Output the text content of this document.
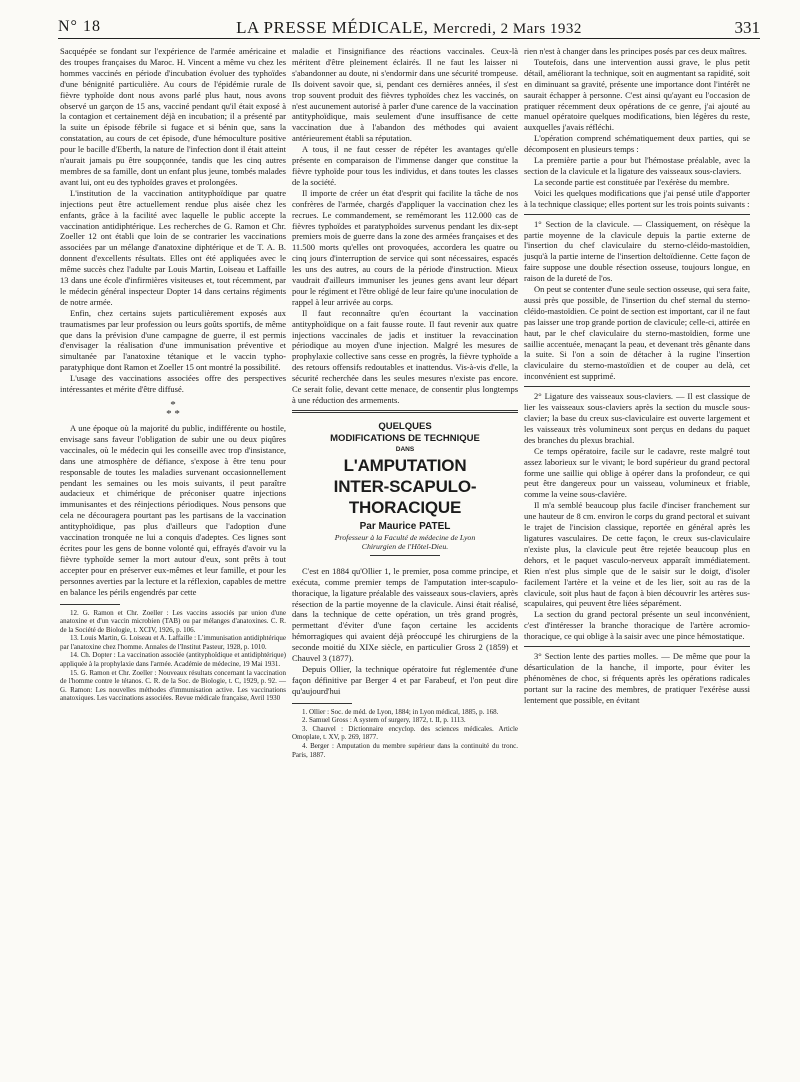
N° 18	LA PRESSE MÉDICALE, Mercredi, 2 Mars 1932	331

Sacquépée se fondant sur l'expérience de l'armée américaine et des troupes françaises du Maroc. H. Vincent a même vu chez les hommes vaccinés en période d'incubation évoluer des typhoïdes d'une bénignité particulière. Au cours de l'épidémie rurale de fièvre typhoïde dont nous avons parlé plus haut, nous avons observé un garçon de 15 ans, vacciné pendant qu'il était exposé à la contagion et certainement déjà en incubation; il a présenté par la suite un épisode fébrile si fugace et si bénin que, sans la constatation, au cours de cet épisode, d'une hémoculture positive pour le bacille d'Eberth, la nature de l'infection dont il était atteint n'aurait jamais pu être soupçonnée, tandis que les cinq autres membres de sa famille, dont un enfant plus jeune, tombés malades avant lui, ont eu des typhoïdes graves et prolongées.

L'institution de la vaccination antityphoïdique par quatre injections peut être actuellement rendue plus aisée chez les enfants, grâce à la facilité avec laquelle le public accepte la vaccination antidiphtérique. Les recherches de G. Ramon et Chr. Zoeller 12 ont établi que loin de se contrarier les vaccinations associées par un mélange d'anatoxine diphtérique et de T. A. B. donnent d'excellents résultats. Elles ont été appliquées avec le même succès chez l'adulte par Louis Martin, Loiseau et Laffaille 13 dans une école d'infirmières visiteuses et, tout récemment, par le médecin général inspecteur Dopter 14 dans certains régiments de notre armée.

Enfin, chez certains sujets particulièrement exposés aux traumatismes par leur profession ou leurs goûts sportifs, de même que dans la prévision d'une campagne de guerre, il est permis d'envisager la réalisation d'une immunisation préventive et simultanée par l'anatoxine tétanique et le vaccin typho-paratyphique dont Ramon et Zoeller 15 ont montré la possibilité.

L'usage des vaccinations associées offre des perspectives intéressantes et mérite d'être diffusé.

*
* *

A une époque où la majorité du public, indifférente ou hostile, envisage sans faveur l'obligation de subir une ou deux piqûres vaccinales, où le médecin qui les conseille avec trop d'insistance, dans une atmosphère de défiance, s'expose à être tenu pour responsable de toutes les maladies survenant occasionnellement pendant les semaines ou les mois suivants, il peut paraître audacieux et chimérique de préconiser quatre injections immunisantes et des réinjections périodiques. Nous pensons que cela ne découragera pourtant pas les partisans de la vaccination antityphoïdique, pas plus d'ailleurs que l'adoption d'une vaccination tronquée ne lui a conquis d'adeptes. Ces lignes sont écrites pour les gens de bonne volonté qui, effrayés d'avoir vu la fièvre typhoïde semer la mort autour d'eux, sont prêts à tout accepter pour en préserver eux-mêmes et leur famille, et pour les personnes averties par la lecture et la réflexion, capables de mettre en balance les périls engendrés par cette

12. G. Ramon et Chr. Zoeller : Les vaccins associés par union d'une anatoxine et d'un vaccin microbien (TAB) ou par mélanges d'anatoxines. C. R. de la Société de Biologie, t. XCIV, 1926, p. 106.

13. Louis Martin, G. Loiseau et A. Laffaille : L'immunisation antidiphtérique par l'anatoxine chez l'homme. Annales de l'Institut Pasteur, 1928, p. 1010.

14. Ch. Dopter : La vaccination associée (antityphoïdique et antidiphtérique) appliquée à la prophylaxie dans l'armée. Académie de médecine, 19 Mai 1931.

15. G. Ramon et Chr. Zoeller : Nouveaux résultats concernant la vaccination de l'homme contre le tétanos. C. R. de la Soc. de Biologie, t. C, 1929, p. 92. — G. Ramon: Les nouvelles méthodes d'immunisation active. Les vaccinations anatoxiques. Les vaccinations associées. Revue médicale française, Avril 1930

maladie et l'insignifiance des réactions vaccinales. Ceux-là méritent d'être pleinement éclairés. Il ne faut les laisser ni s'abandonner au doute, ni s'endormir dans une sécurité trompeuse. Ils doivent savoir que, si, pendant ces dernières années, il s'est trop souvent produit des fièvres typhoïdes chez les vaccinés, on n'est aucunement autorisé à parler d'une carence de la vaccination antityphoïdique, mais seulement d'une insuffisance de cette vaccination due à l'abandon des méthodes qui avaient antérieurement établi sa réputation.

A tous, il ne faut cesser de répéter les avantages qu'elle présente en comparaison de l'immense danger que constitue la fièvre typhoïde pour tous les individus, et dans toutes les classes de la société.

Il importe de créer un état d'esprit qui facilite la tâche de nos confrères de l'armée, chargés d'appliquer la vaccination chez les recrues. Le commandement, se remémorant les 112.000 cas de fièvres typhoïdes et paratyphoïdes survenus pendant les dix-sept premiers mois de guerre dans la zone des armées françaises et des 11.500 morts qu'elles ont provoquées, accordera les quatre ou cinq jours d'interruption de service qui sont nécessaires, espacés les uns des autres, au cours de la période d'instruction. Mieux vaudrait d'ailleurs immuniser les jeunes gens avant leur départ pour le régiment et l'être obligé de leur faire qu'une inoculation de rappel à leur arrivée au corps.

Il faut reconnaître qu'en écourtant la vaccination antityphoïdique on a fait fausse route. Il faut revenir aux quatre injections vaccinales de jadis et instituer la revaccination périodique au moyen d'une injection. Malgré les mesures de prophylaxie collective sans cesse en progrès, la fièvre typhoïde a des retours offensifs redoutables et inattendus. Vis-à-vis d'elle, la sécurité recherchée dans les seules mesures n'existe pas encore. Ce serait folie, devant cette menace, de consentir plus longtemps à une réduction des armements.

QUELQUES
MODIFICATIONS DE TECHNIQUE
DANS
L'AMPUTATION
INTER-SCAPULO-THORACIQUE
Par Maurice PATEL
Professeur à la Faculté de médecine de Lyon
Chirurgien de l'Hôtel-Dieu.

C'est en 1884 qu'Ollier 1, le premier, posa comme principe, et exécuta, comme premier temps de l'amputation inter-scapulo-thoracique, la ligature préalable des vaisseaux sous-claviers, après résection de la partie moyenne de la clavicule. Ainsi était réalisé, dans la technique de cette opération, un très grand progrès, permettant d'éviter d'une façon certaine les accidents hémorragiques qui avaient déjà préoccupé les chirurgiens de la seconde moitié du XIXe siècle, en particulier Gross 2 (1859) et Chauvel 3 (1877).

Depuis Ollier, la technique opératoire fut réglementée d'une façon définitive par Berger 4 et par Farabeuf, et l'on peut dire qu'aujourd'hui

1. Ollier : Soc. de méd. de Lyon, 1884; in Lyon médical, 1885, p. 168.

2. Samuel Gross : A system of surgery, 1872, t. II, p. 1113.

3. Chauvel : Dictionnaire encyclop. des sciences médicales. Article Omoplate, t. XV, p. 269, 1877.

4. Berger : Amputation du membre supérieur dans la continuité du tronc. Paris, 1887.

rien n'est à changer dans les principes posés par ces deux maîtres.

Toutefois, dans une intervention aussi grave, le plus petit détail, améliorant la technique, soit en augmentant sa rapidité, soit en diminuant sa gravité, présente une importance dont l'intérêt ne saurait échapper à personne. C'est ainsi qu'ayant eu l'occasion de pratiquer récemment deux opérations de ce genre, j'ai ajouté au manuel opératoire quelques modifications, bien légères du reste, auxquelles j'avais réfléchi.

L'opération comprend schématiquement deux parties, qui se décomposent en plusieurs temps :

La première partie a pour but l'hémostase préalable, avec la section de la clavicule et la ligature des vaisseaux sous-claviers.

La seconde partie est constituée par l'exérèse du membre.

Voici les quelques modifications que j'ai pensé utile d'apporter à la technique classique; elles portent sur les trois points suivants :

1° Section de la clavicule. — Classiquement, on résèque la partie moyenne de la clavicule depuis la partie externe de l'insertion du chef claviculaire du sterno-cléido-mastoïdien, jusqu'à la partie interne de l'insertion deltoïdienne. Cette façon de faire suppose une double résection osseuse, toujours longue, en raison de la dureté de l'os.

On peut se contenter d'une seule section osseuse, qui sera faite, aussi près que possible, de l'insertion du chef sternal du sterno-cléido-mastoïdien. Ce point de section est important, car il ne faut pas laisser une trop grande portion de clavicule; celle-ci, attirée en haut, par le chef claviculaire du sterno-mastoïdien, forme une saillie accentuée, menaçant la peau, et devenant très gênante dans la suite. Si l'on a soin de détacher à la rugine l'insertion claviculaire du sterno-mastoïdien et de couper au delà, cet inconvénient est supprimé.

2° Ligature des vaisseaux sous-claviers. — Il est classique de lier les vaisseaux sous-claviers après la section du muscle sous-clavier; la base du creux sus-claviculaire est ouverte largement et les vaisseaux très volumineux sont perçus en dedans du paquet des branches du plexus brachial.

Ce temps opératoire, facile sur le cadavre, reste malgré tout assez laborieux sur le vivant; le bord supérieur du grand pectoral forme une saillie qui oblige à opérer dans la profondeur, ce qui peut être dangereux pour un vaisseau, volumineux et friable, comme la veine sous-clavière.

Il m'a semblé beaucoup plus facile d'inciser franchement sur une hauteur de 8 cm. environ le corps du grand pectoral et suivant le trajet de l'incision classique, reportée en général après les ligatures vasculaires. De cette façon, le creux sus-claviculaire n'existe plus, la clavicule peut être rejetée beaucoup plus en dehors, et le paquet vasculo-nerveux apparaît immédiatement. Rien n'est plus simple que de le saisir sur le doigt, d'isoler facilement l'artère et la veine et de les lier, soit au ras de la clavicule, soit plus haut de façon à bien découvrir les artères sus-scapulaires, qui peuvent être liées séparément.

La section du grand pectoral présente un seul inconvénient, c'est d'intéresser la branche thoracique de l'artère acromio-thoracique, ce qui oblige à la saisir avec une pince hémostatique.

3° Section lente des parties molles. — De même que pour la désarticulation de la hanche, il importe, pour éviter les phénomènes de choc, si fréquents après les opérations radicales portant sur la racine des membres, de pratiquer l'exérèse aussi lentement que possible, en évitant
